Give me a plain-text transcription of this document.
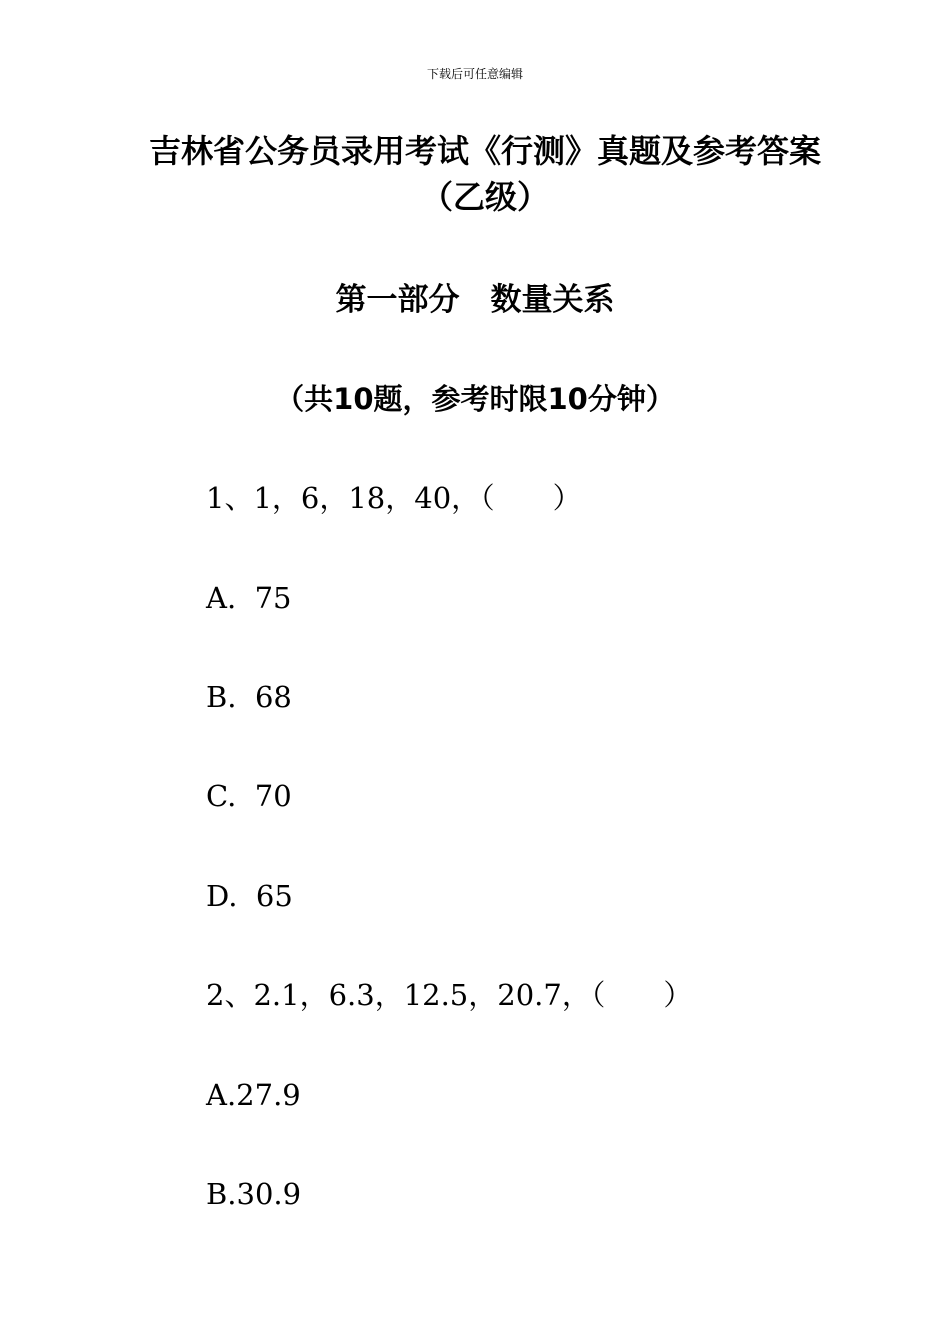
下载后可任意编辑
吉林省公务员录用考试《行测》真题及参考答案（乙级）
第一部分　数量关系
（共10题，参考时限10分钟）
1、1，6，18，40，（　　）
A.  75
B.  68
C.  70
D.  65
2、2.1，6.3，12.5，20.7，（　　）
A.27.9
B.30.9
